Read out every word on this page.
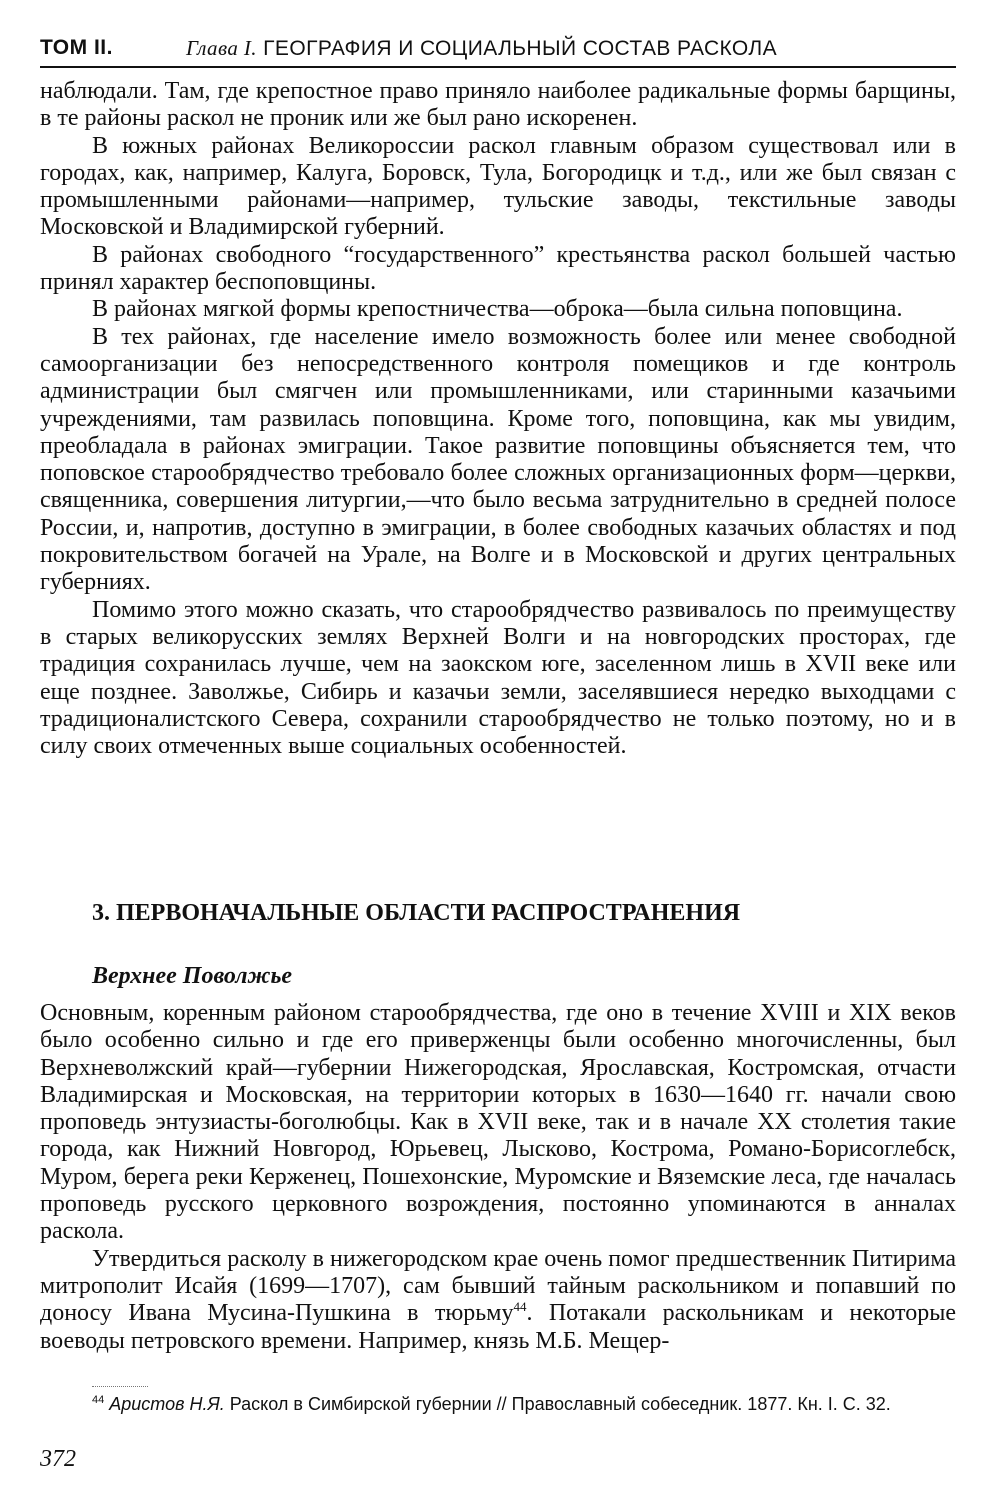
ТОМ II.	Глава I. ГЕОГРАФИЯ И СОЦИАЛЬНЫЙ СОСТАВ РАСКОЛА

наблюдали. Там, где крепостное право приняло наиболее радикальные формы барщины, в те районы раскол не проник или же был рано искоренен.

В южных районах Великороссии раскол главным образом существовал или в городах, как, например, Калуга, Боровск, Тула, Богородицк и т.д., или же был связан с промышленными районами—например, тульские заводы, текстильные заводы Московской и Владимирской губерний.

В районах свободного “государственного” крестьянства раскол большей частью принял характер беспоповщины.

В районах мягкой формы крепостничества—оброка—была сильна поповщина.

В тех районах, где население имело возможность более или менее свободной самоорганизации без непосредственного контроля помещиков и где контроль администрации был смягчен или промышленниками, или старинными казачьими учреждениями, там развилась поповщина. Кроме того, поповщина, как мы увидим, преобладала в районах эмиграции. Такое развитие поповщины объясняется тем, что поповское старообрядчество требовало более сложных организационных форм—церкви, священника, совершения литургии,—что было весьма затруднительно в средней полосе России, и, напротив, доступно в эмиграции, в более свободных казачьих областях и под покровительством богачей на Урале, на Волге и в Московской и других центральных губерниях.

Помимо этого можно сказать, что старообрядчество развивалось по преимуществу в старых великорусских землях Верхней Волги и на новгородских просторах, где традиция сохранилась лучше, чем на заокском юге, заселенном лишь в XVII веке или еще позднее. Заволжье, Сибирь и казачьи земли, заселявшиеся нередко выходцами с традиционалистского Севера, сохранили старообрядчество не только поэтому, но и в силу своих отмеченных выше социальных особенностей.

3. ПЕРВОНАЧАЛЬНЫЕ ОБЛАСТИ РАСПРОСТРАНЕНИЯ
Верхнее Поволжье

Основным, коренным районом старообрядчества, где оно в течение XVIII и XIX веков было особенно сильно и где его приверженцы были особенно многочисленны, был Верхневолжский край—губернии Нижегородская, Ярославская, Костромская, отчасти Владимирская и Московская, на территории которых в 1630—1640 гг. начали свою проповедь энтузиасты-боголюбцы. Как в XVII веке, так и в начале XX столетия такие города, как Нижний Новгород, Юрьевец, Лысково, Кострома, Романо-Борисоглебск, Муром, берега реки Керженец, Пошехонские, Муромские и Вяземские леса, где началась проповедь русского церковного возрождения, постоянно упоминаются в анналах раскола.

Утвердиться расколу в нижегородском крае очень помог предшественник Питирима митрополит Исайя (1699—1707), сам бывший тайным раскольником и попавший по доносу Ивана Мусина-Пушкина в тюрьму$^{44}$. Потакали раскольникам и некоторые воеводы петровского времени. Например, князь М.Б. Мещер-

$^{44}$ Аристов Н.Я. Раскол в Симбирской губернии // Православный собеседник. 1877. Кн. I. С. 32.
372
